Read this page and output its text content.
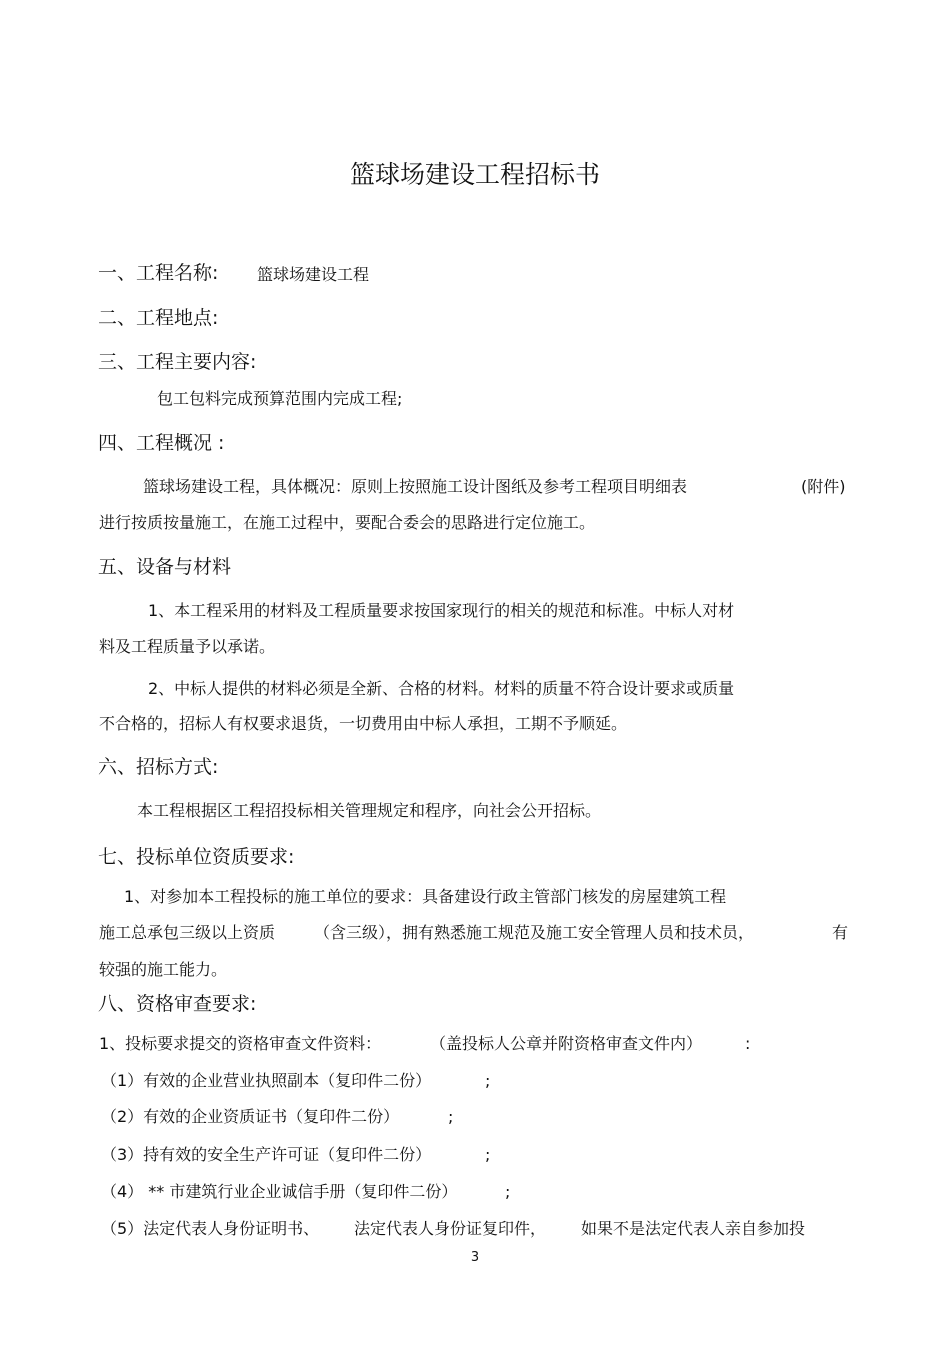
篮球场建设工程招标书
一、工程名称: 篮球场建设工程
二、工程地点:
三、工程主要内容:
包工包料完成预算范围内完成工程;
四、工程概况 :
篮球场建设工程，具体概况：原则上按照施工设计图纸及参考工程项目明细表	(附件)
进行按质按量施工，在施工过程中，要配合委会的思路进行定位施工。
五、设备与材料
1、本工程采用的材料及工程质量要求按国家现行的相关的规范和标准。中标人对材
料及工程质量予以承诺。
2、中标人提供的材料必须是全新、合格的材料。材料的质量不符合设计要求或质量
不合格的，招标人有权要求退货，一切费用由中标人承担，工期不予顺延。
六、招标方式:
本工程根据区工程招投标相关管理规定和程序，向社会公开招标。
七、投标单位资质要求:
1、对参加本工程投标的施工单位的要求：具备建设行政主管部门核发的房屋建筑工程
施工总承包三级以上资质 （含三级），拥有熟悉施工规范及施工安全管理人员和技术员，	有
较强的施工能力。
八、资格审查要求:
1、投标要求提交的资格审查文件资料：	（盖投标人公章并附资格审查文件内）	:
（1）有效的企业营业执照副本（复印件二份）	;
（2）有效的企业资质证书（复印件二份）	;
（3）持有效的安全生产许可证（复印件二份）	;
（4） ** 市建筑行业企业诚信手册（复印件二份）	;
（5）法定代表人身份证明书、 法定代表人身份证复印件， 如果不是法定代表人亲自参加投
3
